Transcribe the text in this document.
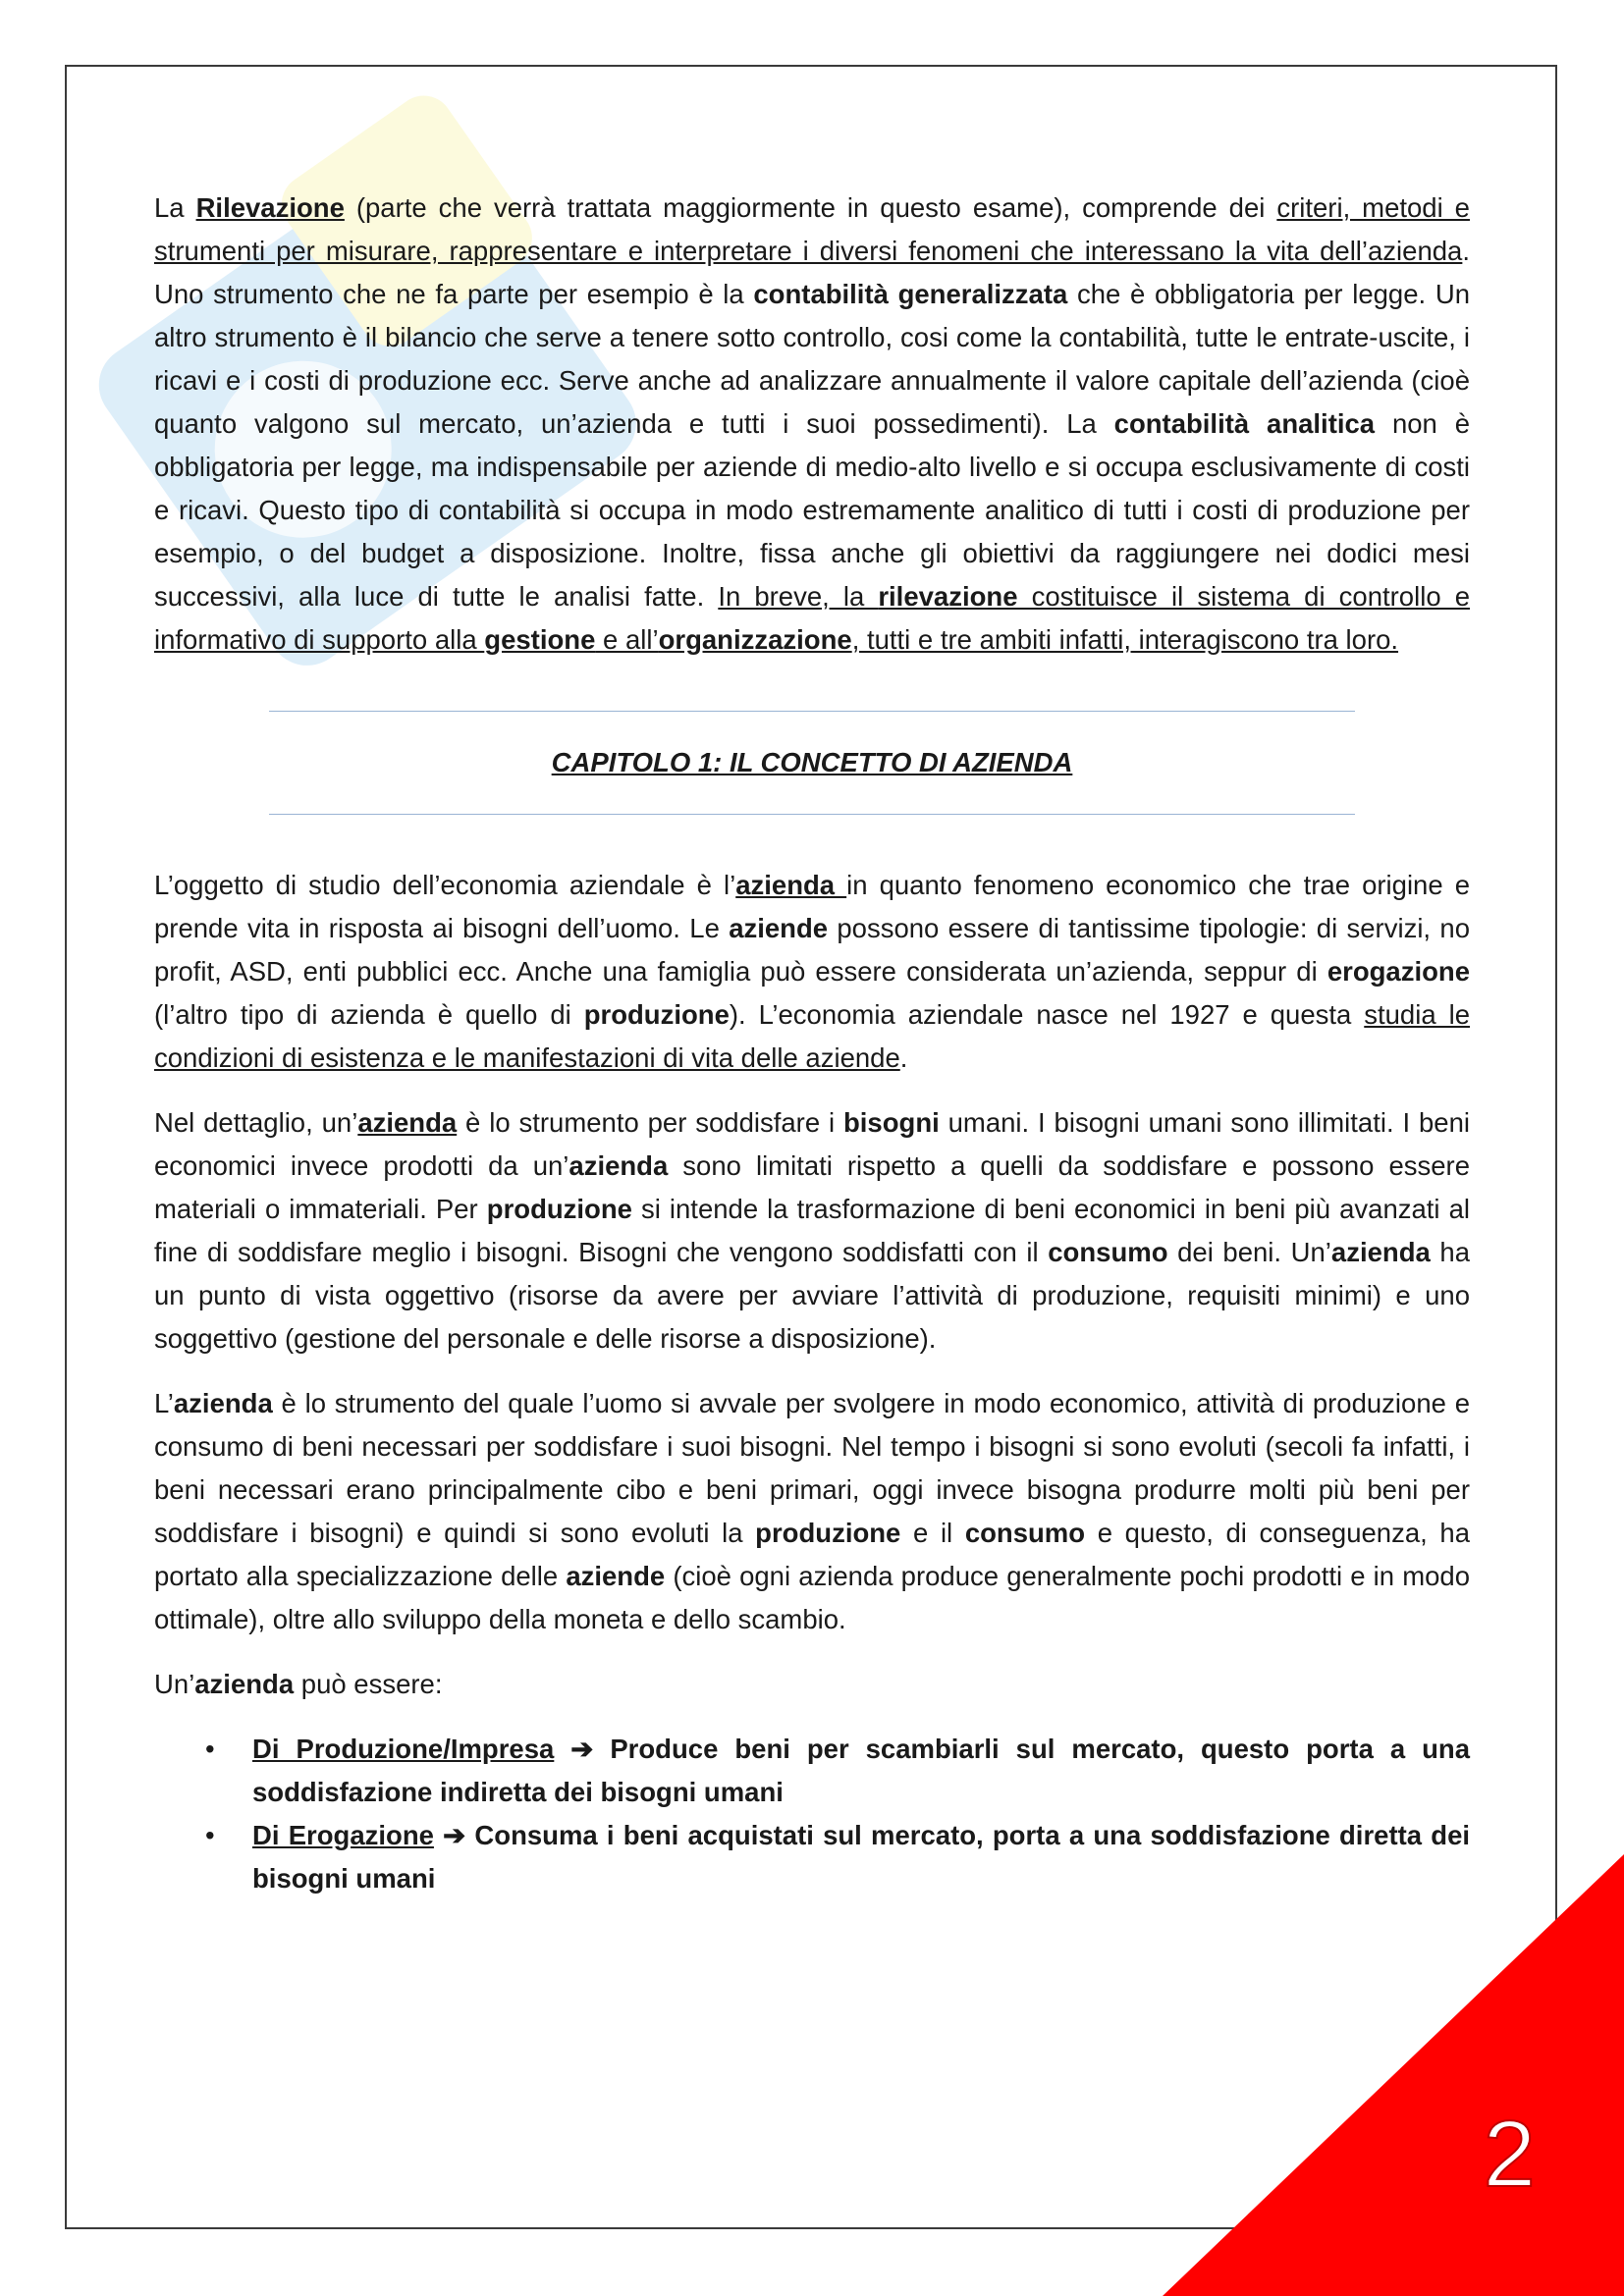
La Rilevazione (parte che verrà trattata maggiormente in questo esame), comprende dei criteri, metodi e strumenti per misurare, rappresentare e interpretare i diversi fenomeni che interessano la vita dell’azienda. Uno strumento che ne fa parte per esempio è la contabilità generalizzata che è obbligatoria per legge. Un altro strumento è il bilancio che serve a tenere sotto controllo, cosi come la contabilità, tutte le entrate-uscite, i ricavi e i costi di produzione ecc. Serve anche ad analizzare annualmente il valore capitale dell’azienda (cioè quanto valgono sul mercato, un’azienda e tutti i suoi possedimenti). La contabilità analitica non è obbligatoria per legge, ma indispensabile per aziende di medio-alto livello e si occupa esclusivamente di costi e ricavi. Questo tipo di contabilità si occupa in modo estremamente analitico di tutti i costi di produzione per esempio, o del budget a disposizione. Inoltre, fissa anche gli obiettivi da raggiungere nei dodici mesi successivi, alla luce di tutte le analisi fatte. In breve, la rilevazione costituisce il sistema di controllo e informativo di supporto alla gestione e all’organizzazione, tutti e tre ambiti infatti, interagiscono tra loro.

CAPITOLO 1: IL CONCETTO DI AZIENDA

L’oggetto di studio dell’economia aziendale è l’azienda in quanto fenomeno economico che trae origine e prende vita in risposta ai bisogni dell’uomo. Le aziende possono essere di tantissime tipologie: di servizi, no profit, ASD, enti pubblici ecc. Anche una famiglia può essere considerata un’azienda, seppur di erogazione (l’altro tipo di azienda è quello di produzione). L’economia aziendale nasce nel 1927 e questa studia le condizioni di esistenza e le manifestazioni di vita delle aziende.

Nel dettaglio, un’azienda è lo strumento per soddisfare i bisogni umani. I bisogni umani sono illimitati. I beni economici invece prodotti da un’azienda sono limitati rispetto a quelli da soddisfare e possono essere materiali o immateriali. Per produzione si intende la trasformazione di beni economici in beni più avanzati al fine di soddisfare meglio i bisogni. Bisogni che vengono soddisfatti con il consumo dei beni. Un’azienda ha un punto di vista oggettivo (risorse da avere per avviare l’attività di produzione, requisiti minimi) e uno soggettivo (gestione del personale e delle risorse a disposizione).

L’azienda è lo strumento del quale l’uomo si avvale per svolgere in modo economico, attività di produzione e consumo di beni necessari per soddisfare i suoi bisogni. Nel tempo i bisogni si sono evoluti (secoli fa infatti, i beni necessari erano principalmente cibo e beni primari, oggi invece bisogna produrre molti più beni per soddisfare i bisogni) e quindi si sono evoluti la produzione e il consumo e questo, di conseguenza, ha portato alla specializzazione delle aziende (cioè ogni azienda produce generalmente pochi prodotti e in modo ottimale), oltre allo sviluppo della moneta e dello scambio.

Un’azienda può essere:

• Di Produzione/Impresa ➔ Produce beni per scambiarli sul mercato, questo porta a una soddisfazione indiretta dei bisogni umani
• Di Erogazione ➔ Consuma i beni acquistati sul mercato, porta a una soddisfazione diretta dei bisogni umani
2
